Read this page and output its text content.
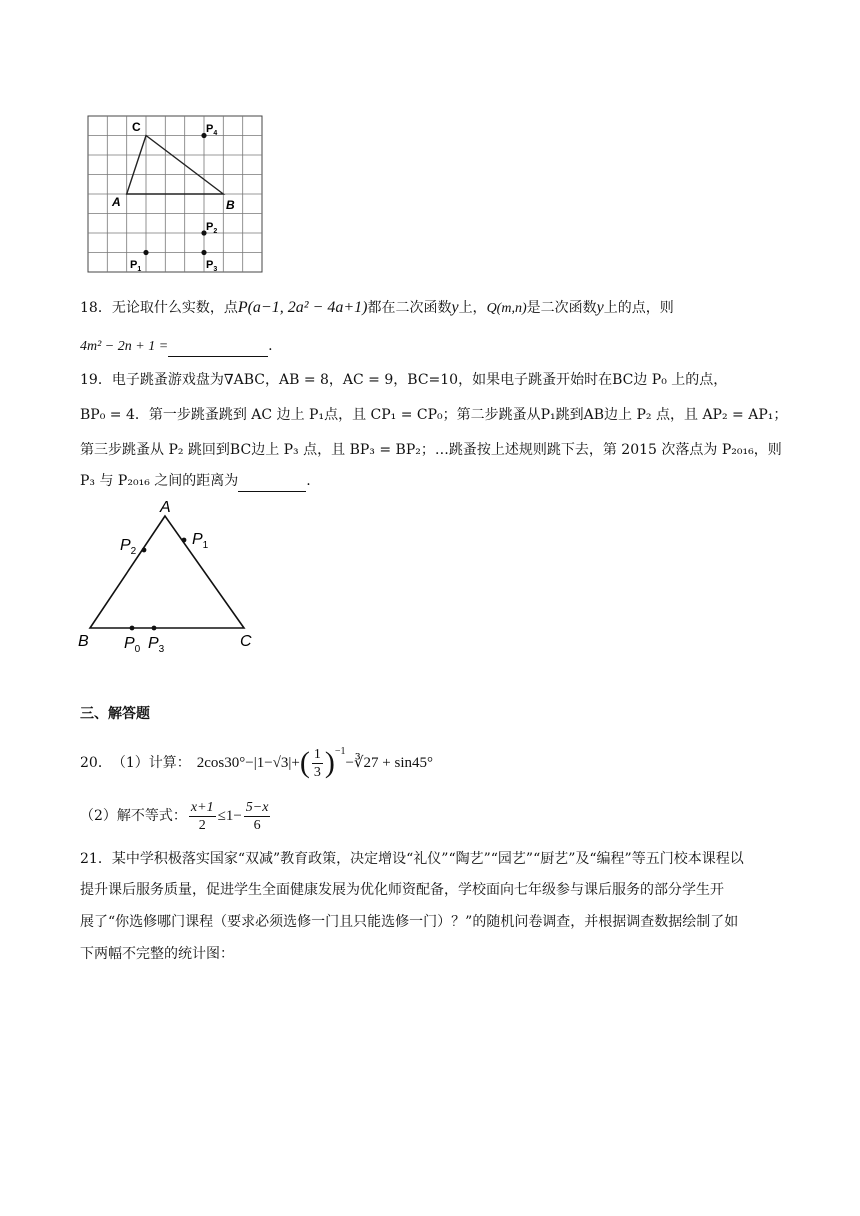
C
A	B
$P_4$
$P_2$
$P_3$
$P_1$
18．无论取什么实数，点P(a−1, 2a² − 4a+1)都在二次函数y上，Q(m,n)是二次函数y上的点，则
4m² − 2n + 1 =	.
19．电子跳蚤游戏盘为∇ABC，AB = 8，AC = 9，BC=10，如果电子跳蚤开始时在BC边 P₀ 上的点，
BP₀ = 4．第一步跳蚤跳到 AC 边上 P₁点，且 CP₁ = CP₀；第二步跳蚤从P₁跳到AB边上 P₂ 点，且 AP₂ = AP₁；
第三步跳蚤从 P₂ 跳回到BC边上 P₃ 点，且 BP₃ = BP₂；…跳蚤按上述规则跳下去，第 2015 次落点为 P₂₀₁₆，则
P₃ 与 P₂₀₁₆ 之间的距离为	.
A
B	C
$P_2$
$P_1$
$P_0$ $P_3$
三、解答题
20． （1）计算： 2cos30°−|1−√3|+ ( $\frac{1}{3}$ ) −1
−∛27 + sin45°
（2）解不等式： $\frac{x+1}{2} \le 1- \frac{5-x}{6}$
21．某中学积极落实国家“双减”教育政策，决定增设“礼仪”“陶艺”“园艺”“厨艺”及“编程”等五门校本课程以
提升课后服务质量，促进学生全面健康发展为优化师资配备，学校面向七年级参与课后服务的部分学生开
展了“你选修哪门课程（要求必须选修一门且只能选修一门）？”的随机问卷调查，并根据调查数据绘制了如
下两幅不完整的统计图：
